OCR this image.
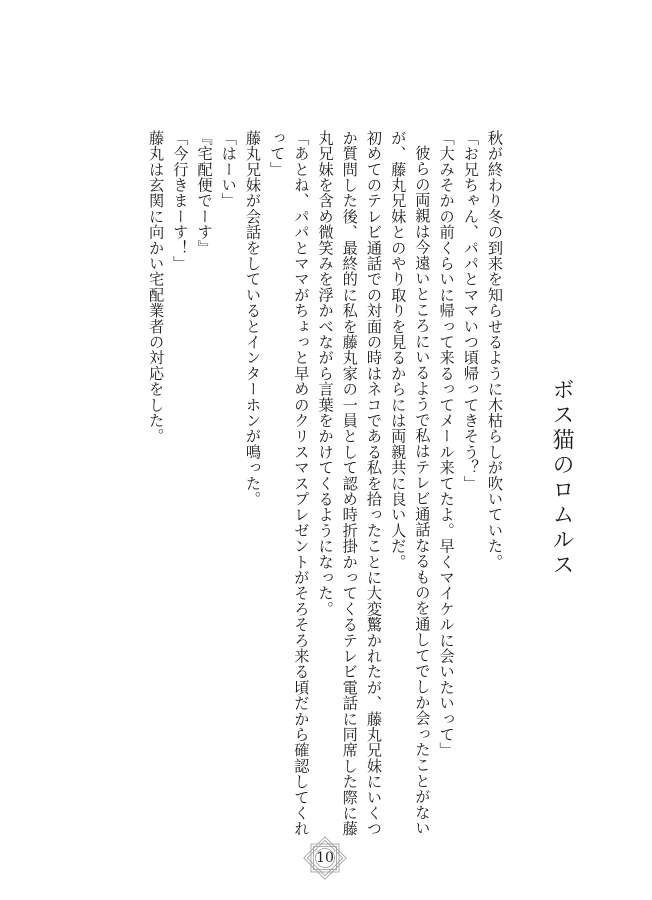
ボス猫のロムルス

秋が終わり冬の到来を知らせるように木枯らしが吹いていた。

「お兄ちゃん、パパとママいつ頃帰ってきそう？」

「大みそかの前くらいに帰って来るってメール来てたよ。早くマイケルに会いたいって」

彼らの両親は今遠いところにいるようで私はテレビ通話なるものを通してでしか会ったことがないが、藤丸兄妹とのやり取りを見るからには両親共に良い人だ。

初めてのテレビ通話での対面の時はネコである私を拾ったことに大変驚かれたが、藤丸兄妹にいくつか質問した後、最終的に私を藤丸家の一員として認め時折掛かってくるテレビ電話に同席した際に藤丸兄妹を含め微笑みを浮かべながら言葉をかけてくるようになった。

「あとね、パパとママがちょっと早めのクリスマスプレゼントがそろそろ来る頃だから確認してくれって」

藤丸兄妹が会話をしているとインターホンが鳴った。

「はーい」

『宅配便でーす』

「今行きまーす！」

藤丸は玄関に向かい宅配業者の対応をした。

10
